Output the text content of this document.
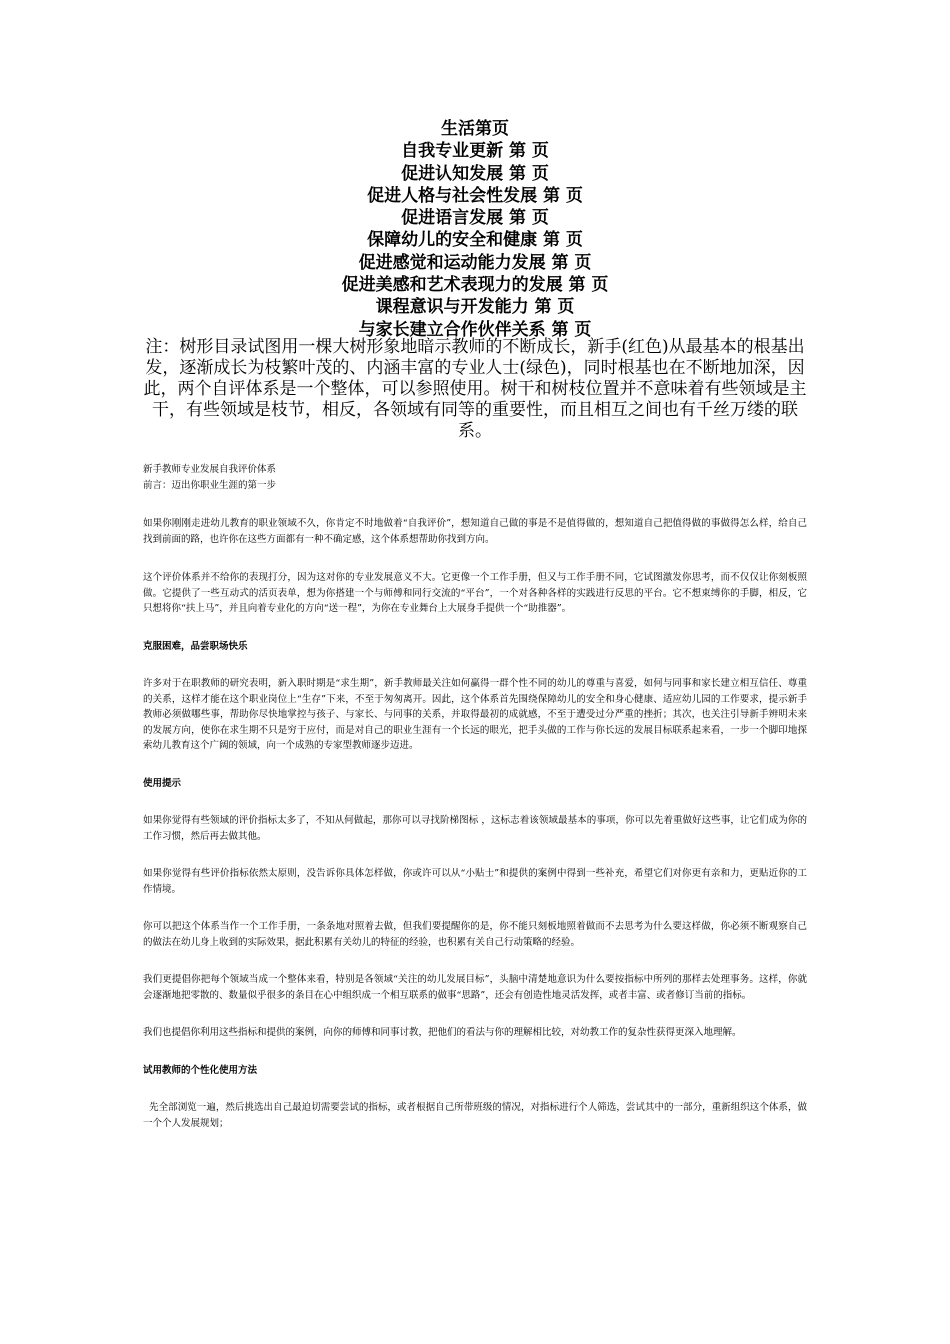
生活第页
自我专业更新 第 页
促进认知发展 第 页
促进人格与社会性发展 第 页
促进语言发展 第 页
保障幼儿的安全和健康 第 页
促进感觉和运动能力发展 第 页
促进美感和艺术表现力的发展 第 页
课程意识与开发能力 第 页
与家长建立合作伙伴关系 第 页
注：树形目录试图用一棵大树形象地暗示教师的不断成长，新手(红色)从最基本的根基出发，逐渐成长为枝繁叶茂的、内涵丰富的专业人士(绿色)，同时根基也在不断地加深，因此，两个自评体系是一个整体，可以参照使用。树干和树枝位置并不意味着有些领域是主干，有些领域是枝节，相反，各领域有同等的重要性，而且相互之间也有千丝万缕的联系。
新手教师专业发展自我评价体系
前言：迈出你职业生涯的第一步
如果你刚刚走进幼儿教育的职业领域不久，你肯定不时地做着“自我评价”，想知道自己做的事是不是值得做的，想知道自己把值得做的事做得怎么样，给自己找到前面的路，也许你在这些方面都有一种不确定感，这个体系想帮助你找到方向。
这个评价体系并不给你的表现打分，因为这对你的专业发展意义不大。它更像一个工作手册，但又与工作手册不同，它试图激发你思考，而不仅仅让你刻板照做。它提供了一些互动式的活页表单，想为你搭建一个与师傅和同行交流的“平台”，一个对各种各样的实践进行反思的平台。它不想束缚你的手脚，相反，它只想将你“扶上马”，并且向着专业化的方向“送一程”，为你在专业舞台上大展身手提供一个“助推器”。
克服困难，品尝职场快乐
许多对于在职教师的研究表明，新入职时期是“求生期”，新手教师最关注如何赢得一群个性不同的幼儿的尊重与喜爱，如何与同事和家长建立相互信任、尊重的关系，这样才能在这个职业岗位上“生存”下来，不至于匆匆离开。因此，这个体系首先围绕保障幼儿的安全和身心健康、适应幼儿园的工作要求，提示新手教师必须做哪些事，帮助你尽快地掌控与孩子、与家长、与同事的关系，并取得最初的成就感，不至于遭受过分严重的挫折；其次，也关注引导新手辨明未来的发展方向，使你在求生期不只是穷于应付，而是对自己的职业生涯有一个长远的眼光，把手头做的工作与你长远的发展目标联系起来看，一步一个脚印地探索幼儿教育这个广阔的领域，向一个成熟的专家型教师逐步迈进。
使用提示
如果你觉得有些领域的评价指标太多了，不知从何做起，那你可以寻找阶梯图标 ，这标志着该领域最基本的事项，你可以先着重做好这些事，让它们成为你的工作习惯，然后再去做其他。
如果你觉得有些评价指标依然太原则，没告诉你具体怎样做，你或许可以从“小贴士”和提供的案例中得到一些补充，希望它们对你更有亲和力，更贴近你的工作情境。
你可以把这个体系当作一个工作手册，一条条地对照着去做，但我们要提醒你的是，你不能只刻板地照着做而不去思考为什么要这样做，你必须不断观察自己的做法在幼儿身上收到的实际效果，据此积累有关幼儿的特征的经验，也积累有关自己行动策略的经验。
我们更提倡你把每个领域当成一个整体来看，特别是各领域“关注的幼儿发展目标”，头脑中清楚地意识为什么要按指标中所列的那样去处理事务。这样，你就会逐渐地把零散的、数量似乎很多的条目在心中组织成一个相互联系的做事“思路”，还会有创造性地灵活发挥，或者丰富、或者修订当前的指标。
我们也提倡你利用这些指标和提供的案例，向你的师傅和同事讨教，把他们的看法与你的理解相比较，对幼教工作的复杂性获得更深入地理解。
试用教师的个性化使用方法
先全部浏览一遍，然后挑选出自己最迫切需要尝试的指标，或者根据自己所带班级的情况，对指标进行个人筛选，尝试其中的一部分，重新组织这个体系，做一个个人发展规划；
